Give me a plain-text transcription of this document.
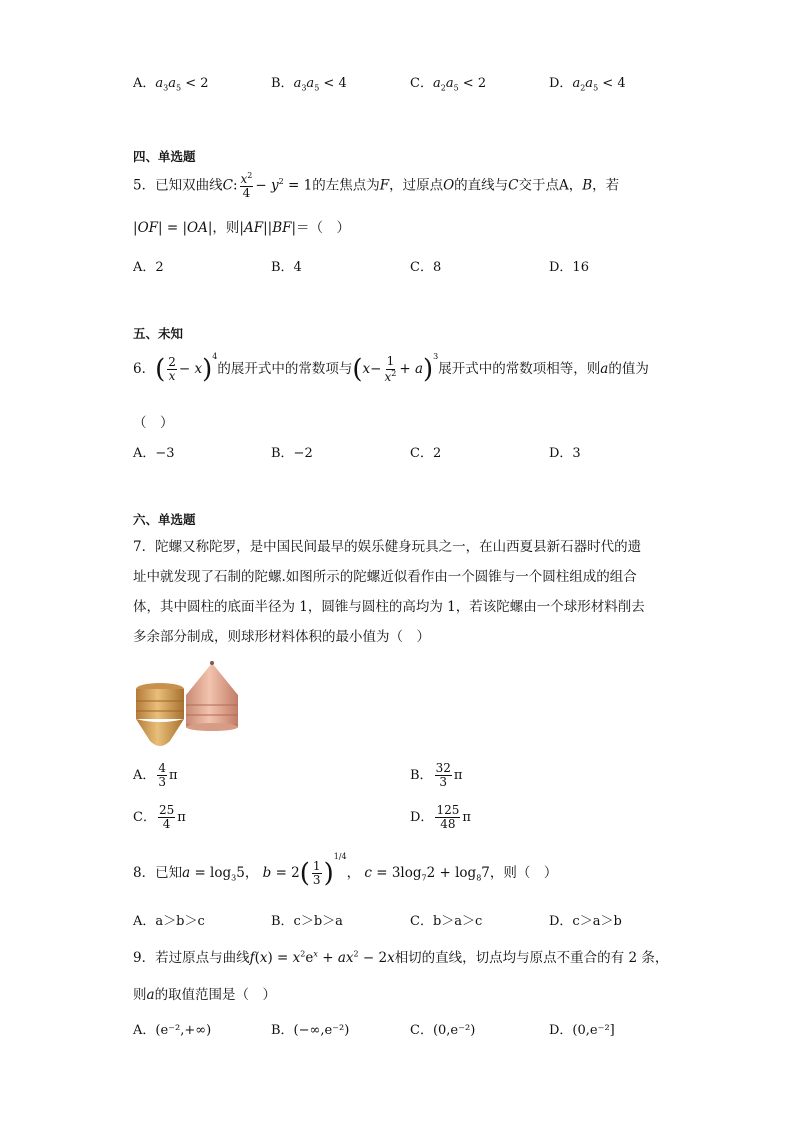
A．$a_3a_5 < 2$	B．$a_3a_5 < 4$	C．$a_2a_5 < 2$	D．$a_2a_5 < 4$
四、单选题
5．已知双曲线C: $\frac{x^2}{4} - y^2 = 1$的左焦点为F，过原点O的直线与C交于点A，B，若
|OF| = |OA|，则|AF||BF|＝（　）
A．2	B．4	C．8	D．16
五、未知
6．( $\frac{2}{x} - x)^4$的展开式中的常数项与$(x- \frac{1}{x^2} + a)^3$展开式中的常数项相等，则a的值为
（　）
A．−3	B．−2	C．2	D．3
六、单选题
7．陀螺又称陀罗，是中国民间最早的娱乐健身玩具之一，在山西夏县新石器时代的遗
址中就发现了石制的陀螺.如图所示的陀螺近似看作由一个圆锥与一个圆柱组成的组合
体，其中圆柱的底面半径为 1，圆锥与圆柱的高均为 1，若该陀螺由一个球形材料削去
多余部分制成，则球形材料体积的最小值为（　）
A． $\frac{4}{3}$ π	B． $\frac{32}{3}$ π
C． $\frac{25}{4}$ π	D． $\frac{125}{48}$ π
8．已知$a = \log_35$， $b = 2( \frac{1}{3} )^{1/4}$， $c = 3\log_72 + \log_87$，则（　）
A．a＞b＞c	B．c＞b＞a	C．b＞a＞c	D．c＞a＞b
9．若过原点与曲线$f(x) = x^2e^x + ax^2 - 2x$相切的直线，切点均与原点不重合的有 2 条，
则a的取值范围是（　）
A．(e⁻²,+∞)	B．(−∞,e⁻²)	C．(0,e⁻²)	D．(0,e⁻²]
